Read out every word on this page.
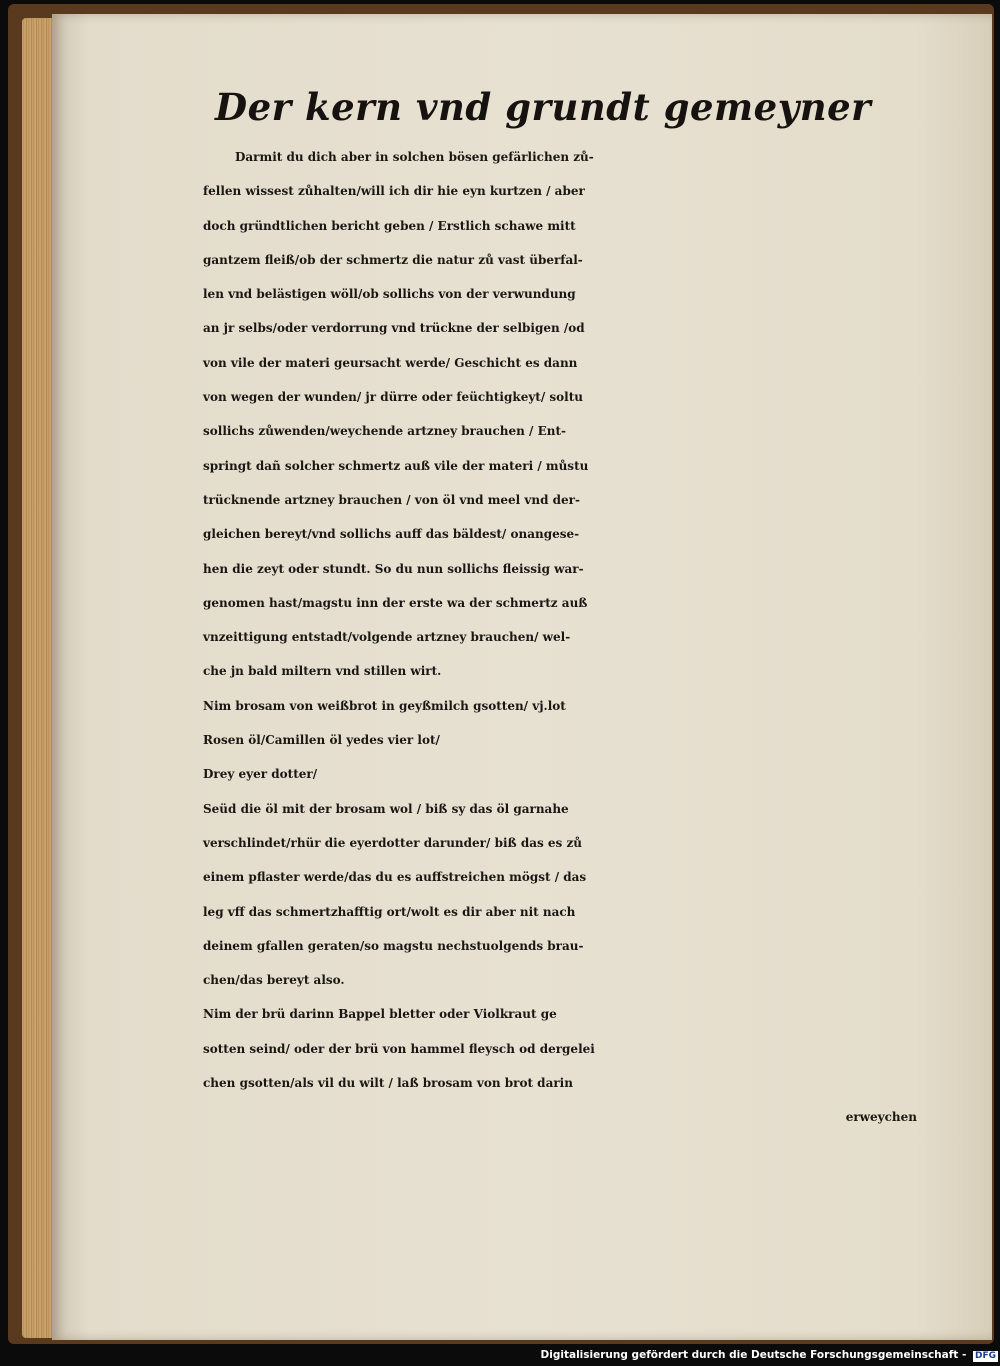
Der kern vnd grundt gemeyner
Darmit du dich aber in solchen bösen gefärlichen zů-
fellen wissest zůhalten/will ich dir hie eyn kurtzen / aber
doch gründtlichen bericht geben / Erstlich schawe mitt
gantzem fleiß/ob der schmertz die natur zů vast überfal-
len vnd belästigen wöll/ob sollichs von der verwundung
an jr selbs/oder verdorrung vnd trückne der selbigen /od
von vile der materi geursacht werde/ Geschicht es dann
von wegen der wunden/ jr dürre oder feüchtigkeyt/ soltu
sollichs zůwenden/weychende artzney brauchen / Ent-
springt dañ solcher schmertz auß vile der materi / můstu
trücknende artzney brauchen / von öl vnd meel vnd der-
gleichen bereyt/vnd sollichs auff das bäldest/ onangese-
hen die zeyt oder stundt. So du nun sollichs fleissig war-
genomen hast/magstu inn der erste wa der schmertz auß
vnzeittigung entstadt/volgende artzney brauchen/ wel-
che jn bald miltern vnd stillen wirt.
Nim brosam von weißbrot in geyßmilch gsotten/ vj.lot
Rosen öl/Camillen öl yedes vier lot/
Drey eyer dotter/
Seüd die öl mit der brosam wol / biß sy das öl garnahe
verschlindet/rhür die eyerdotter darunder/ biß das es zů
einem pflaster werde/das du es auffstreichen mögst / das
leg vff das schmertzhafftig ort/wolt es dir aber nit nach
deinem gfallen geraten/so magstu nechstuolgends brau-
chen/das bereyt also.
Nim der brü darinn Bappel bletter oder Violkraut ge
sotten seind/ oder der brü von hammel fleysch od dergelei
chen gsotten/als vil du wilt / laß brosam von brot darin
erweychen
Digitalisierung gefördert durch die Deutsche Forschungsgemeinschaft - DFG
